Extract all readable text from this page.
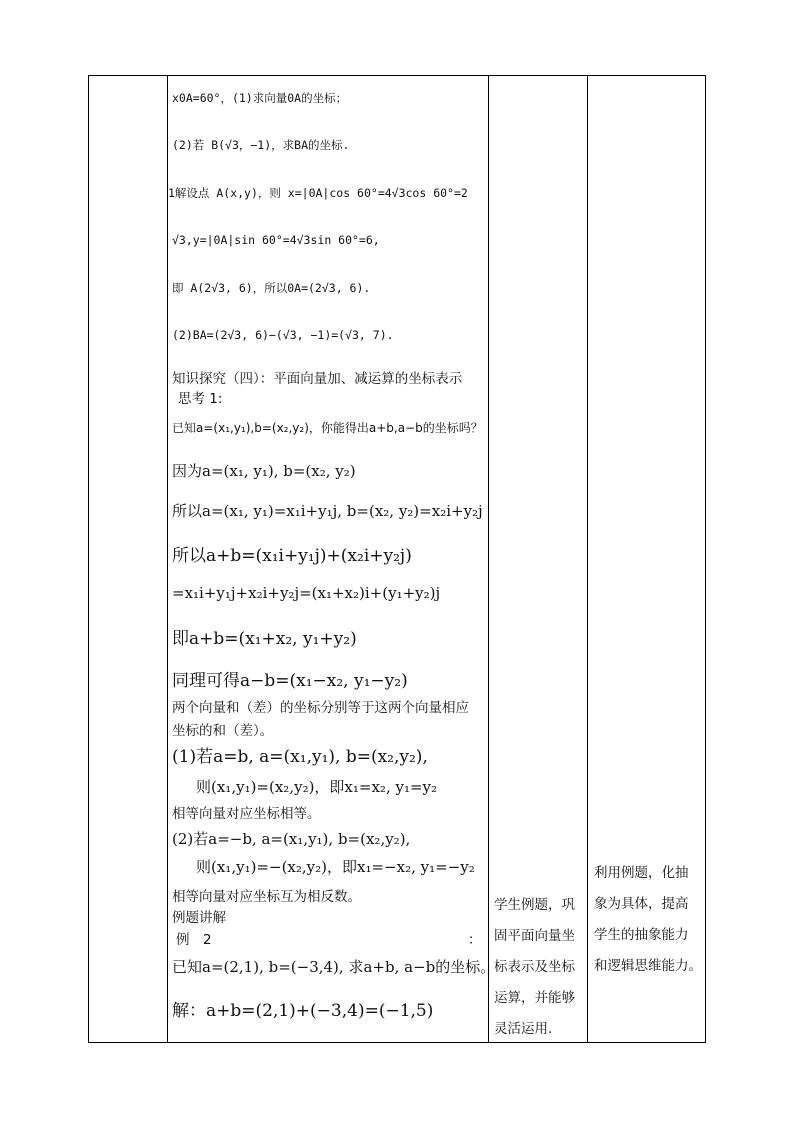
x0A=60°，(1)求向量0A的坐标；
(2)若 B(√3，−1)，求BA的坐标.
1解设点 A(x,y)，则 x=|0A|cos 60°=4√3cos 60°=2
√3,y=|0A|sin 60°=4√3sin 60°=6,
即 A(2√3, 6)，所以0A=(2√3, 6).
(2)BA=(2√3, 6)−(√3, −1)=(√3, 7).
知识探究（四）：平面向量加、减运算的坐标表示
思考 1:
已知a=(x₁,y₁),b=(x₂,y₂)，你能得出a+b,a−b的坐标吗？
因为a=(x₁, y₁), b=(x₂, y₂)
所以a=(x₁, y₁)=x₁i+y₁j, b=(x₂, y₂)=x₂i+y₂j
所以a+b=(x₁i+y₁j)+(x₂i+y₂j)
=x₁i+y₁j+x₂i+y₂j=(x₁+x₂)i+(y₁+y₂)j
即a+b=(x₁+x₂, y₁+y₂)
同理可得a−b=(x₁−x₂, y₁−y₂)
两个向量和（差）的坐标分别等于这两个向量相应
坐标的和（差）。
(1)若a=b, a=(x₁,y₁), b=(x₂,y₂),
则(x₁,y₁)=(x₂,y₂)，即x₁=x₂, y₁=y₂
相等向量对应坐标相等。
(2)若a=−b, a=(x₁,y₁), b=(x₂,y₂),
则(x₁,y₁)=−(x₂,y₂)，即x₁=−x₂, y₁=−y₂
相等向量对应坐标互为相反数。
例题讲解
例　2	：
已知a=(2,1), b=(−3,4), 求a+b, a−b的坐标。
解：a+b=(2,1)+(−3,4)=(−1,5)
学生例题，巩
固平面向量坐
标表示及坐标
运算，并能够
灵活运用.
利用例题，化抽
象为具体，提高
学生的抽象能力
和逻辑思维能力。
